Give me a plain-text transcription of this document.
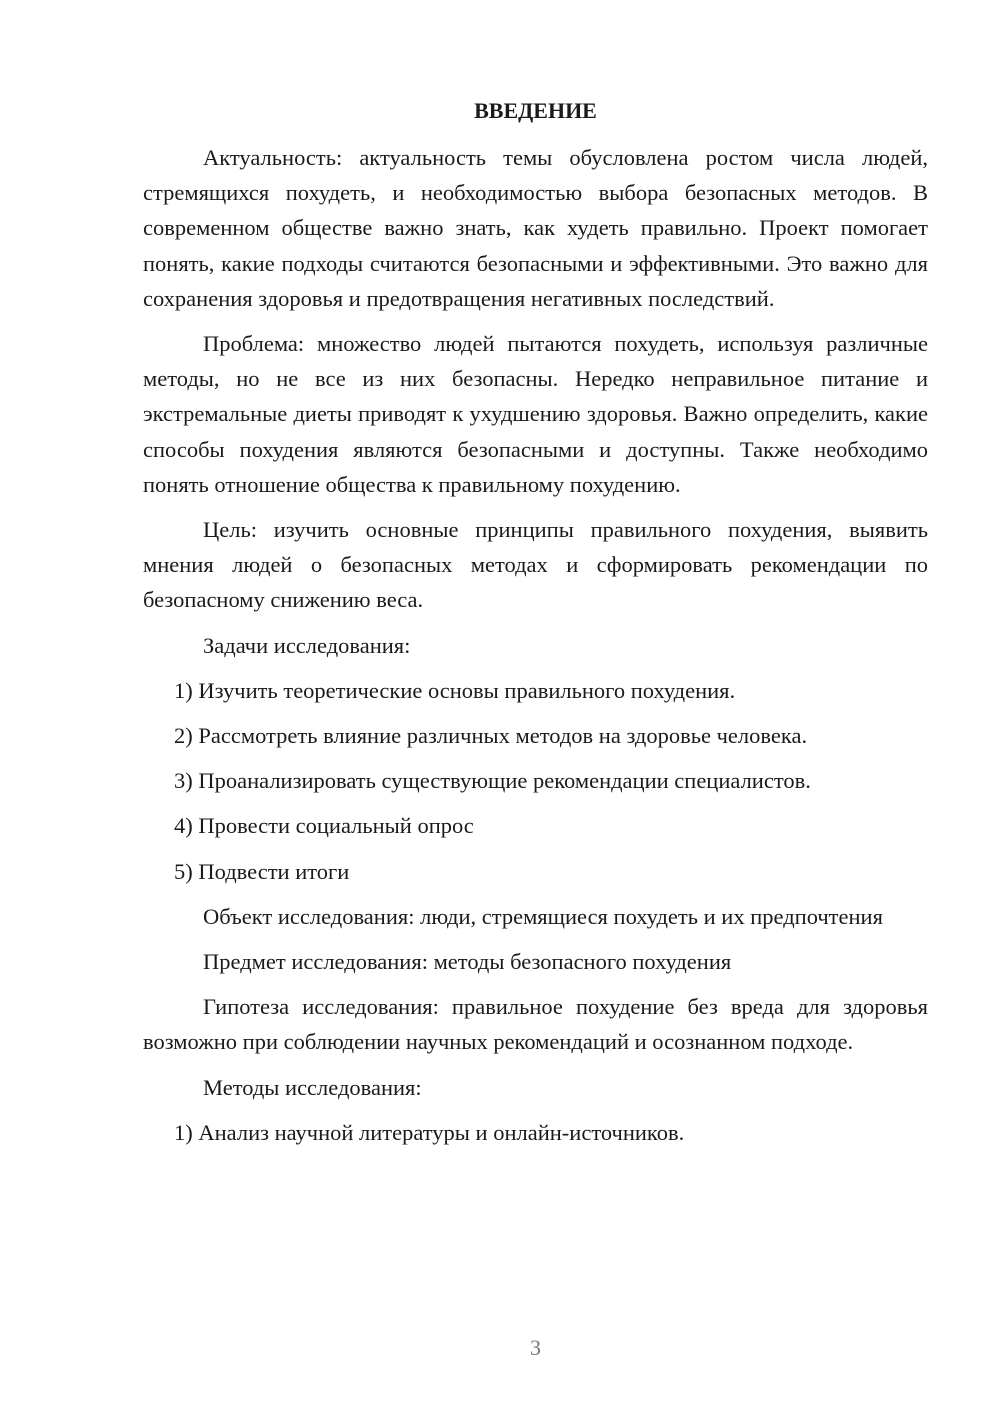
ВВЕДЕНИЕ

Актуальность: актуальность темы обусловлена ростом числа людей, стремящихся похудеть, и необходимостью выбора безопасных методов. В современном обществе важно знать, как худеть правильно. Проект помогает понять, какие подходы считаются безопасными и эффективными. Это важно для сохранения здоровья и предотвращения негативных последствий.

Проблема: множество людей пытаются похудеть, используя различные методы, но не все из них безопасны. Нередко неправильное питание и экстремальные диеты приводят к ухудшению здоровья. Важно определить, какие способы похудения являются безопасными и доступны. Также необходимо понять отношение общества к правильному похудению.

Цель: изучить основные принципы правильного похудения, выявить мнения людей о безопасных методах и сформировать рекомендации по безопасному снижению веса.

Задачи исследования:

1) Изучить теоретические основы правильного похудения.

2) Рассмотреть влияние различных методов на здоровье человека.

3) Проанализировать существующие рекомендации специалистов.

4) Провести социальный опрос

5) Подвести итоги

Объект исследования: люди, стремящиеся похудеть и их предпочтения

Предмет исследования: методы безопасного похудения

Гипотеза исследования: правильное похудение без вреда для здоровья возможно при соблюдении научных рекомендаций и осознанном подходе.

Методы исследования:

1) Анализ научной литературы и онлайн-источников.

3
